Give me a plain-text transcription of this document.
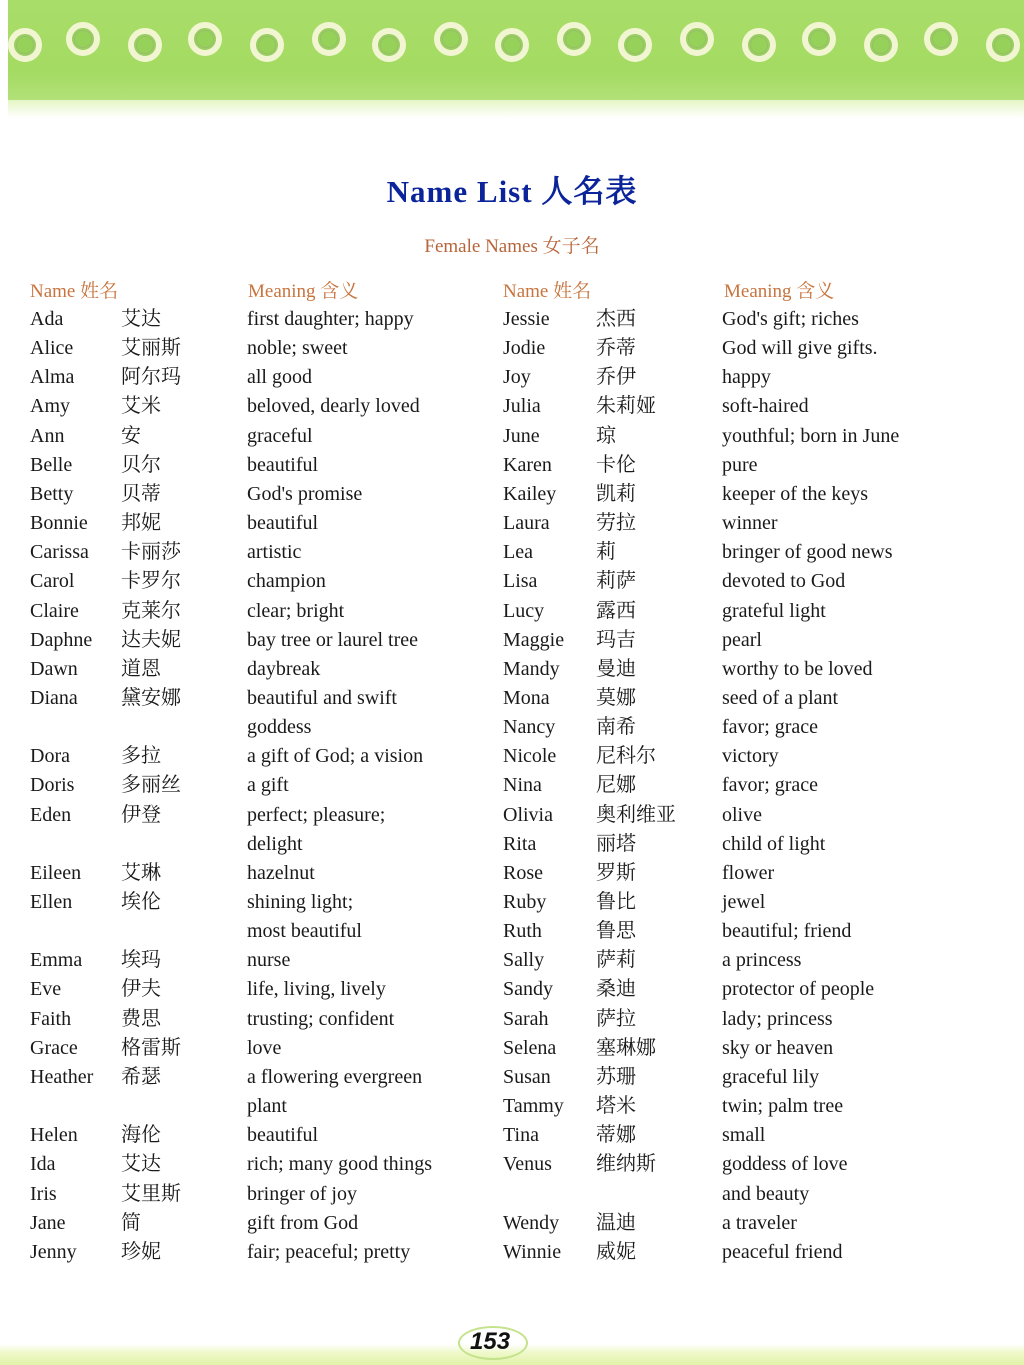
Name List 人名表
Female Names 女子名
Name 姓名	Meaning 含义	Name 姓名	Meaning 含义
Ada	艾达	first daughter; happy
Alice 艾丽斯	noble; sweet
Alma 阿尔玛	all good
Amy	艾米	beloved, dearly loved
Ann	安	graceful
Belle 贝尔	beautiful
Betty 贝蒂	God's promise
Bonnie 邦妮	beautiful
Carissa 卡丽莎	artistic
Carol 卡罗尔	champion
Claire 克莱尔	clear; bright
Daphne 达夫妮	bay tree or laurel tree
Dawn 道恩	daybreak
Diana 黛安娜	beautiful and swift
goddess
Dora	多拉	a gift of God; a vision
Doris 多丽丝	a gift
Eden 伊登	perfect; pleasure;
delight
Eileen 艾琳	hazelnut
Ellen 埃伦	shining light;
most beautiful
Emma 埃玛	nurse
Eve	伊夫	life, living, lively
Faith 费思	trusting; confident
Grace 格雷斯	love
Heather 希瑟	a flowering evergreen
plant
Helen 海伦	beautiful
Ida	艾达	rich; many good things
Iris	艾里斯	bringer of joy
Jane	简	gift from God
Jenny 珍妮	fair; peaceful; pretty
Jessie 杰西	God's gift; riches
Jodie	乔蒂	God will give gifts.
Joy	乔伊	happy
Julia	朱莉娅	soft-haired
June	琼	youthful; born in June
Karen 卡伦	pure
Kailey 凯莉	keeper of the keys
Laura 劳拉	winner
Lea	莉	bringer of good news
Lisa	莉萨	devoted to God
Lucy	露西	grateful light
Maggie 玛吉	pearl
Mandy 曼迪	worthy to be loved
Mona 莫娜	seed of a plant
Nancy 南希	favor; grace
Nicole 尼科尔	victory
Nina	尼娜	favor; grace
Olivia 奥利维亚 olive
Rita	丽塔	child of light
Rose	罗斯	flower
Ruby 鲁比	jewel
Ruth	鲁思	beautiful; friend
Sally	萨莉	a princess
Sandy 桑迪	protector of people
Sarah 萨拉	lady; princess
Selena 塞琳娜	sky or heaven
Susan 苏珊	graceful lily
Tammy 塔米	twin; palm tree
Tina	蒂娜	small
Venus 维纳斯	goddess of love
and beauty
Wendy 温迪	a traveler
Winnie 威妮	peaceful friend
153
